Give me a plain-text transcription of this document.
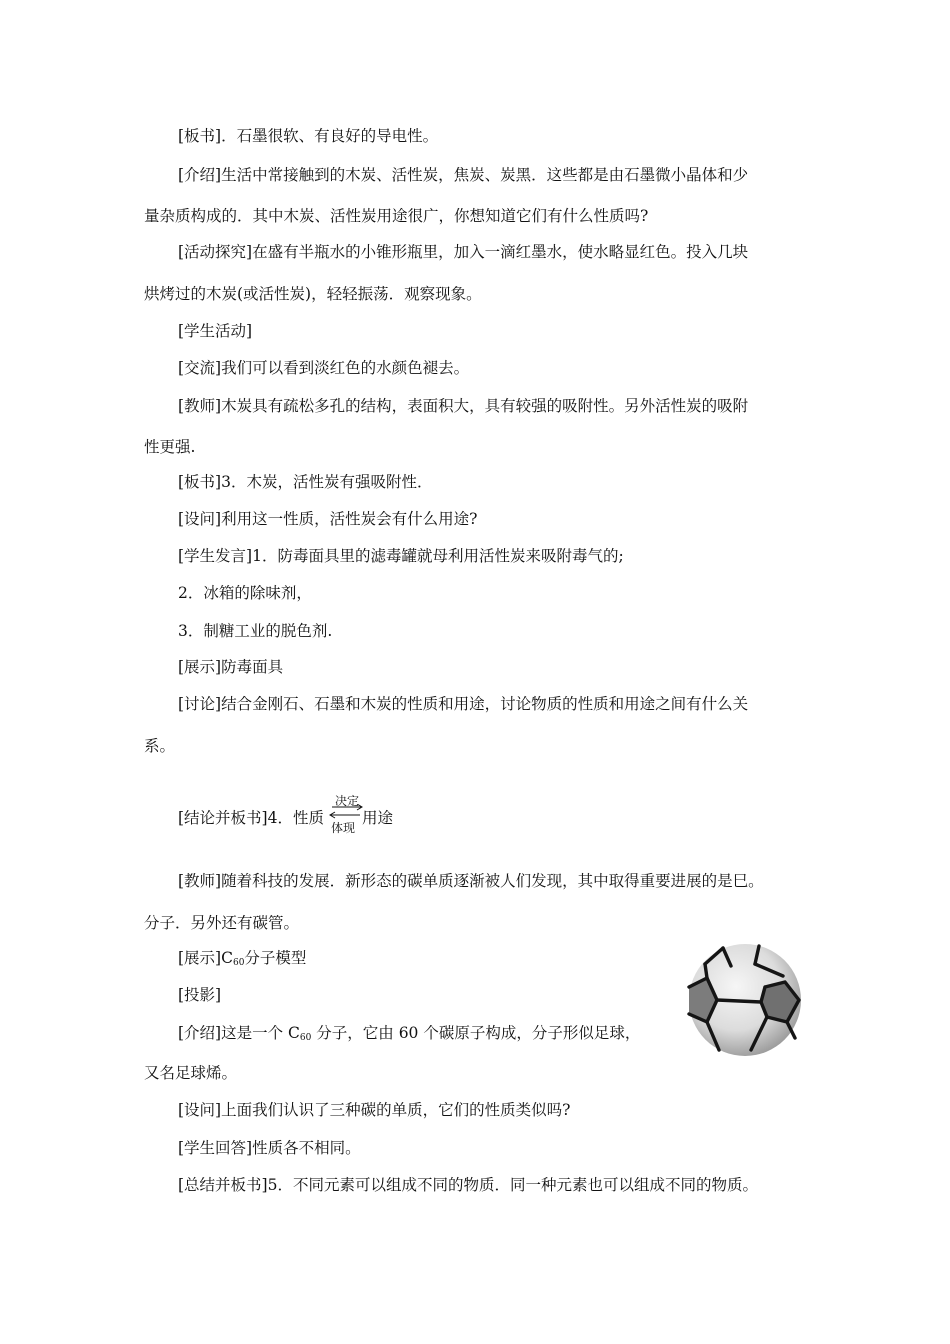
[板书]．石墨很软、有良好的导电性。
[介绍]生活中常接触到的木炭、活性炭，焦炭、炭黑．这些都是由石墨微小晶体和少
量杂质构成的．其中木炭、活性炭用途很广，你想知道它们有什么性质吗?
[活动探究]在盛有半瓶水的小锥形瓶里，加入一滴红墨水，使水略显红色。投入几块
烘烤过的木炭(或活性炭)，轻轻振荡．观察现象。
[学生活动]
[交流]我们可以看到淡红色的水颜色褪去。
[教师]木炭具有疏松多孔的结构，表面积大，具有较强的吸附性。另外活性炭的吸附
性更强.
[板书]3．木炭，活性炭有强吸附性．
[设问]利用这一性质，活性炭会有什么用途?
[学生发言]1．防毒面具里的滤毒罐就母利用活性炭来吸附毒气的;
2．冰箱的除味剂，
3．制糖工业的脱色剂.
[展示]防毒面具
[讨论]结合金刚石、石墨和木炭的性质和用途，讨论物质的性质和用途之间有什么关
系。
[结论并板书]4．性质
决定
体现
用途
[教师]随着科技的发展．新形态的碳单质逐渐被人们发现，其中取得重要进展的是巳。
分子．另外还有碳管。
[展示]$C_{60}$分子模型
[投影]
[介绍]这是一个 $C_{60}$ 分子，它由 60 个碳原子构成，分子形似足球，
又名足球烯。
[设问]上面我们认识了三种碳的单质，它们的性质类似吗?
[学生回答]性质各不相同。
[总结并板书]5．不同元素可以组成不同的物质．同一种元素也可以组成不同的物质。
